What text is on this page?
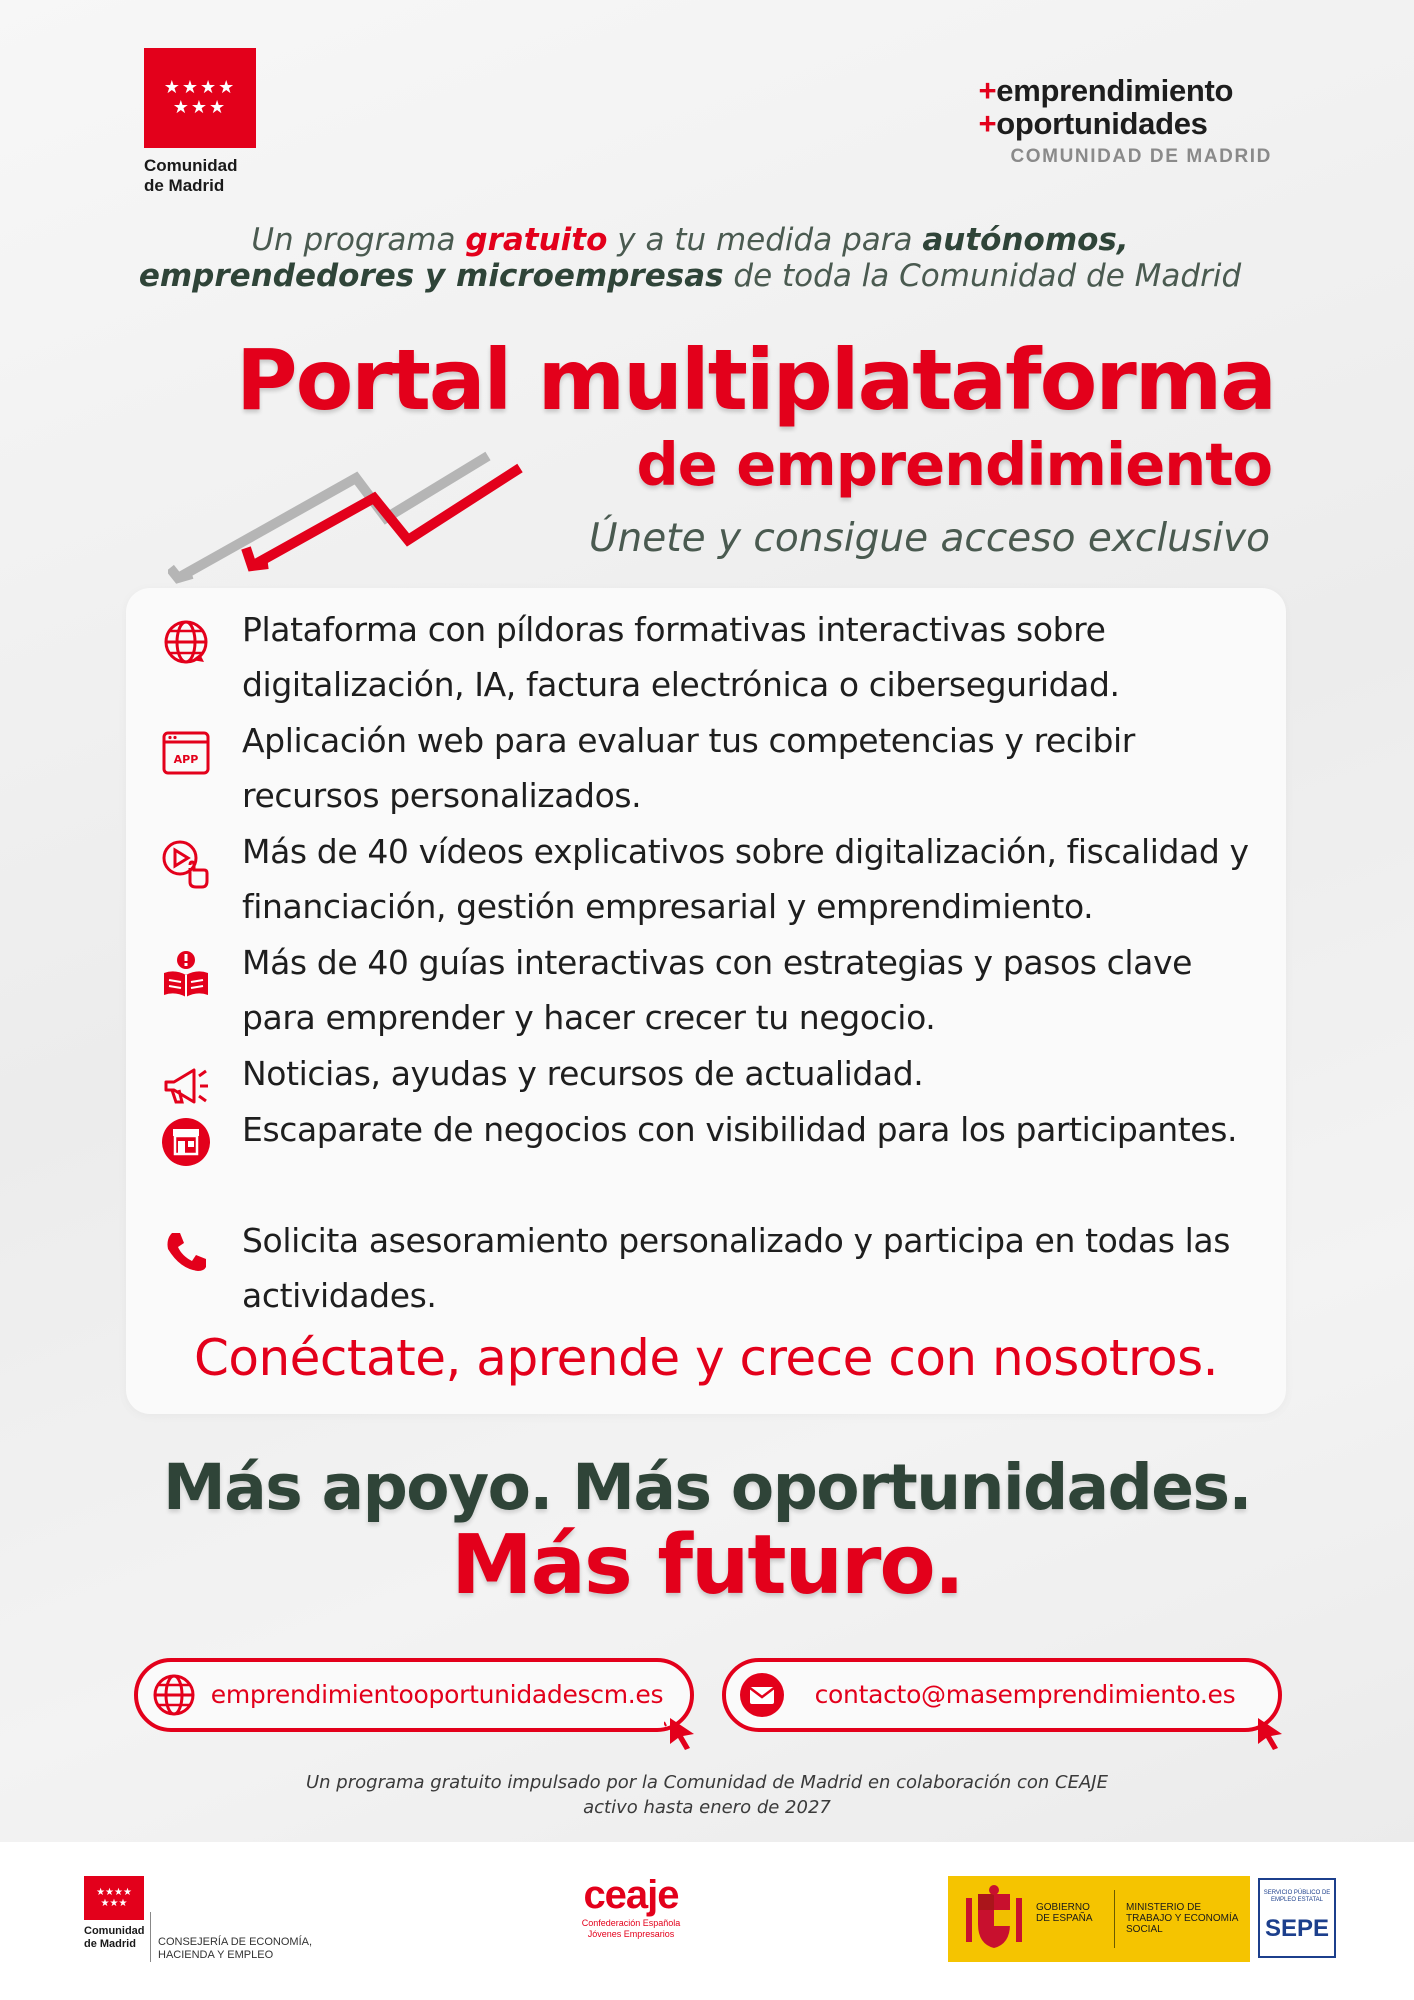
★★★★
★★★
Comunidad de Madrid
+emprendimiento
+oportunidades
COMUNIDAD DE MADRID
Un programa gratuito y a tu medida para autónomos,
emprendedores y microempresas de toda la Comunidad de Madrid
Portal multiplataforma
de emprendimiento
Únete y consigue acceso exclusivo
Plataforma con píldoras formativas interactivas sobre digitalización, IA, factura electrónica o ciberseguridad.
APP Aplicación web para evaluar tus competencias y recibir recursos personalizados.
Más de 40 vídeos explicativos sobre digitalización, fiscalidad y financiación, gestión empresarial y emprendimiento.
Más de 40 guías interactivas con estrategias y pasos clave para emprender y hacer crecer tu negocio.
Noticias, ayudas y recursos de actualidad.
Escaparate de negocios con visibilidad para los participantes.
Solicita asesoramiento personalizado y participa en todas las actividades.
Conéctate, aprende y crece con nosotros.
Más apoyo. Más oportunidades.
Más futuro.
emprendimientooportunidadescm.es	contacto@masemprendimiento.es
Un programa gratuito impulsado por la Comunidad de Madrid en colaboración con CEAJE
activo hasta enero de 2027
★★★★
★★★
Comunidad de Madrid	CONSEJERÍA DE ECONOMÍA, HACIENDA Y EMPLEO
ceaje
Confederación Española Jóvenes Empresarios
GOBIERNO DE ESPAÑA
MINISTERIO DE TRABAJO Y ECONOMÍA SOCIAL
SERVICIO PÚBLICO DE EMPLEO ESTATAL
SEPE
